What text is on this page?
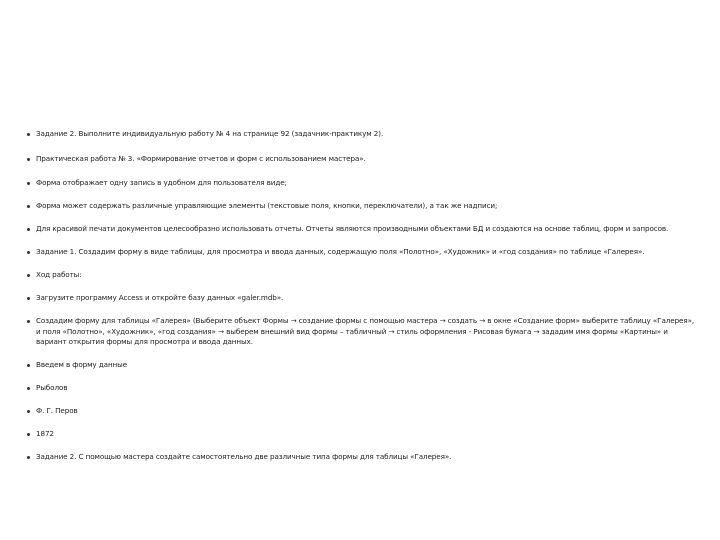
Задание 2. Выполните индивидуальную работу № 4 на странице 92 (задачник-практикум 2).
Практическая работа № 3. «Формирование отчетов и форм с использованием мастера».
Форма отображает одну запись в удобном для пользователя виде;
Форма может содержать различные управляющие элементы (текстовые поля, кнопки, переключатели), а так же надписи;
Для красивой печати документов целесообразно использовать отчеты. Отчеты являются производными объектами БД и создаются на основе таблиц, форм и запросов.
Задание 1. Создадим форму в виде таблицы, для просмотра и ввода данных, содержащую поля «Полотно», «Художник» и «год создания» по таблице «Галерея».
Ход работы:
Загрузите программу Access и откройте базу данных «galer.mdb».
Создадим форму для таблицы «Галерея» (Выберите объект Формы → создание формы с помощью мастера → создать → в окне «Создание форм» выберите таблицу «Галерея», и поля «Полотно», «Художник», «год создания» → выберем внешний вид формы – табличный → стиль оформления - Рисовая бумага → зададим имя формы «Картины» и вариант открытия формы для просмотра и ввода данных.
Введем в форму данные
Рыболов
Ф. Г. Перов
1872
Задание 2. С помощью мастера создайте самостоятельно две различные типа формы для таблицы «Галерея».
